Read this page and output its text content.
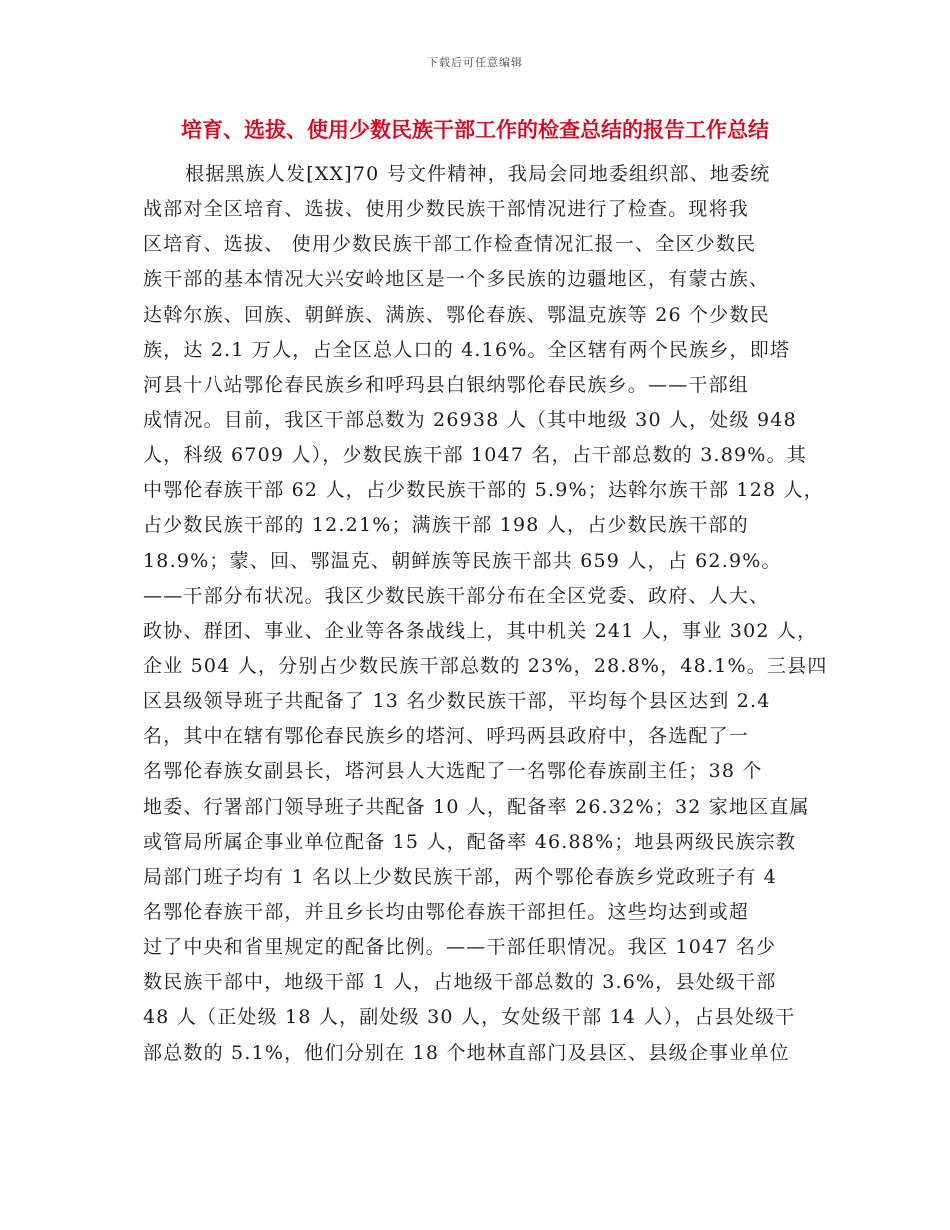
下载后可任意编辑
培育、选拔、使用少数民族干部工作的检查总结的报告工作总结
根据黑族人发[XX]70 号文件精神，我局会同地委组织部、地委统
战部对全区培育、选拔、使用少数民族干部情况进行了检查。现将我
区培育、选拔、 使用少数民族干部工作检查情况汇报一、全区少数民
族干部的基本情况大兴安岭地区是一个多民族的边疆地区，有蒙古族、
达斡尔族、回族、朝鲜族、满族、鄂伦春族、鄂温克族等 26 个少数民
族，达 2.1 万人，占全区总人口的 4.16%。全区辖有两个民族乡，即塔
河县十八站鄂伦春民族乡和呼玛县白银纳鄂伦春民族乡。——干部组
成情况。目前，我区干部总数为 26938 人（其中地级 30 人，处级 948
人，科级 6709 人），少数民族干部 1047 名，占干部总数的 3.89%。其
中鄂伦春族干部 62 人，占少数民族干部的 5.9%；达斡尔族干部 128 人，
占少数民族干部的 12.21%；满族干部 198 人，占少数民族干部的
18.9%；蒙、回、鄂温克、朝鲜族等民族干部共 659 人，占 62.9%。
——干部分布状况。我区少数民族干部分布在全区党委、政府、人大、
政协、群团、事业、企业等各条战线上，其中机关 241 人，事业 302 人，
企业 504 人，分别占少数民族干部总数的 23%，28.8%，48.1%。三县四
区县级领导班子共配备了 13 名少数民族干部，平均每个县区达到 2.4
名，其中在辖有鄂伦春民族乡的塔河、呼玛两县政府中，各选配了一
名鄂伦春族女副县长，塔河县人大选配了一名鄂伦春族副主任；38 个
地委、行署部门领导班子共配备 10 人，配备率 26.32%；32 家地区直属
或管局所属企事业单位配备 15 人，配备率 46.88%；地县两级民族宗教
局部门班子均有 1 名以上少数民族干部，两个鄂伦春族乡党政班子有 4
名鄂伦春族干部，并且乡长均由鄂伦春族干部担任。这些均达到或超
过了中央和省里规定的配备比例。——干部任职情况。我区 1047 名少
数民族干部中，地级干部 1 人，占地级干部总数的 3.6%，县处级干部
48 人（正处级 18 人，副处级 30 人，女处级干部 14 人），占县处级干
部总数的 5.1%，他们分别在 18 个地林直部门及县区、县级企事业单位
